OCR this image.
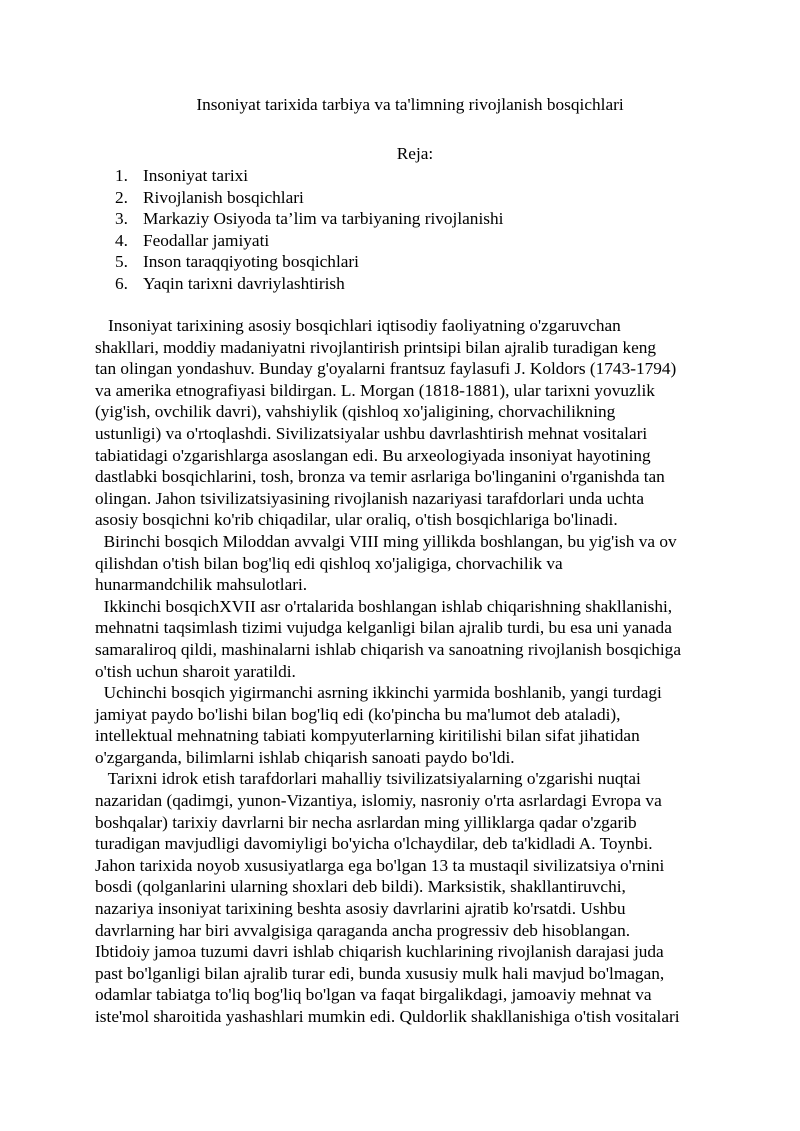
Insoniyat tarixida tarbiya va ta'limning rivojlanish bosqichlari
Reja:
1. Insoniyat tarixi
2. Rivojlanish bosqichlari
3. Markaziy Osiyoda ta’lim va tarbiyaning rivojlanishi
4. Feodallar jamiyati
5. Inson taraqqiyoting bosqichlari
6. Yaqin tarixni davriylashtirish
Insoniyat tarixining asosiy bosqichlari iqtisodiy faoliyatning o'zgaruvchan
shakllari, moddiy madaniyatni rivojlantirish printsipi bilan ajralib turadigan keng
tan olingan yondashuv. Bunday g'oyalarni frantsuz faylasufi J. Koldors (1743-1794)
va amerika etnografiyasi bildirgan. L. Morgan (1818-1881), ular tarixni yovuzlik
(yig'ish, ovchilik davri), vahshiylik (qishloq xo'jaligining, chorvachilikning
ustunligi) va o'rtoqlashdi. Sivilizatsiyalar ushbu davrlashtirish mehnat vositalari
tabiatidagi o'zgarishlarga asoslangan edi. Bu arxeologiyada insoniyat hayotining
dastlabki bosqichlarini, tosh, bronza va temir asrlariga bo'linganini o'rganishda tan
olingan. Jahon tsivilizatsiyasining rivojlanish nazariyasi tarafdorlari unda uchta
asosiy bosqichni ko'rib chiqadilar, ular oraliq, o'tish bosqichlariga bo'linadi.
Birinchi bosqich Miloddan avvalgi VIII ming yillikda boshlangan, bu yig'ish va ov
qilishdan o'tish bilan bog'liq edi qishloq xo'jaligiga, chorvachilik va
hunarmandchilik mahsulotlari.
Ikkinchi bosqichXVII asr o'rtalarida boshlangan ishlab chiqarishning shakllanishi,
mehnatni taqsimlash tizimi vujudga kelganligi bilan ajralib turdi, bu esa uni yanada
samaraliroq qildi, mashinalarni ishlab chiqarish va sanoatning rivojlanish bosqichiga
o'tish uchun sharoit yaratildi.
Uchinchi bosqich yigirmanchi asrning ikkinchi yarmida boshlanib, yangi turdagi
jamiyat paydo bo'lishi bilan bog'liq edi (ko'pincha bu ma'lumot deb ataladi),
intellektual mehnatning tabiati kompyuterlarning kiritilishi bilan sifat jihatidan
o'zgarganda, bilimlarni ishlab chiqarish sanoati paydo bo'ldi.
Tarixni idrok etish tarafdorlari mahalliy tsivilizatsiyalarning o'zgarishi nuqtai
nazaridan (qadimgi, yunon-Vizantiya, islomiy, nasroniy o'rta asrlardagi Evropa va
boshqalar) tarixiy davrlarni bir necha asrlardan ming yilliklarga qadar o'zgarib
turadigan mavjudligi davomiyligi bo'yicha o'lchaydilar, deb ta'kidladi A. Toynbi.
Jahon tarixida noyob xususiyatlarga ega bo'lgan 13 ta mustaqil sivilizatsiya o'rnini
bosdi (qolganlarini ularning shoxlari deb bildi). Marksistik, shakllantiruvchi,
nazariya insoniyat tarixining beshta asosiy davrlarini ajratib ko'rsatdi. Ushbu
davrlarning har biri avvalgisiga qaraganda ancha progressiv deb hisoblangan.
Ibtidoiy jamoa tuzumi davri ishlab chiqarish kuchlarining rivojlanish darajasi juda
past bo'lganligi bilan ajralib turar edi, bunda xususiy mulk hali mavjud bo'lmagan,
odamlar tabiatga to'liq bog'liq bo'lgan va faqat birgalikdagi, jamoaviy mehnat va
iste'mol sharoitida yashashlari mumkin edi. Quldorlik shakllanishiga o'tish vositalari
